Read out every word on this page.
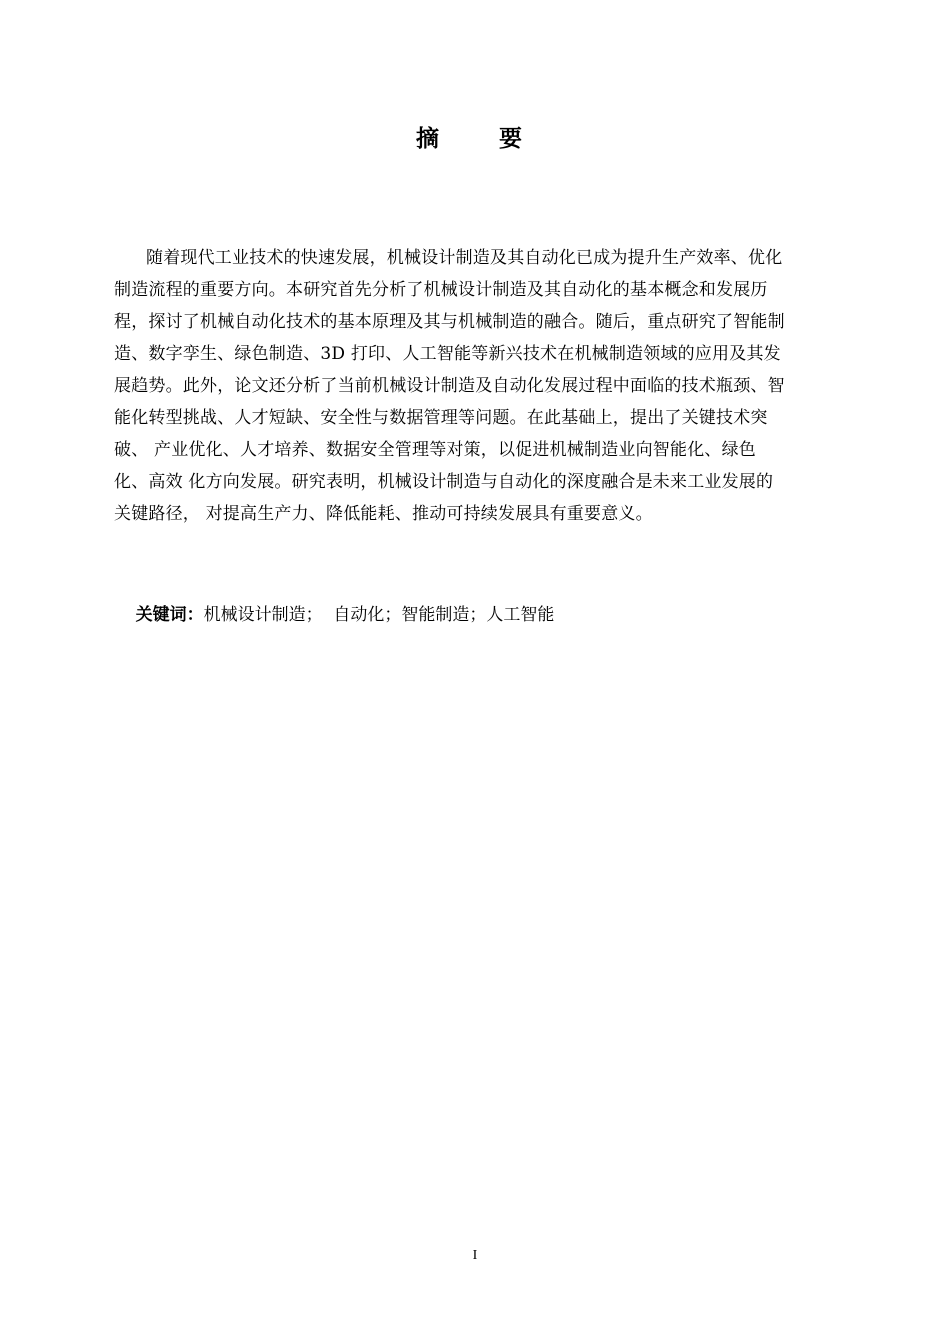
摘 要
随着现代工业技术的快速发展，机械设计制造及其自动化已成为提升生产效率、优化
制造流程的重要方向。本研究首先分析了机械设计制造及其自动化的基本概念和发展历
程，探讨了机械自动化技术的基本原理及其与机械制造的融合。随后，重点研究了智能制
造、数字孪生、绿色制造、3D 打印、人工智能等新兴技术在机械制造领域的应用及其发
展趋势。此外，论文还分析了当前机械设计制造及自动化发展过程中面临的技术瓶颈、智
能化转型挑战、人才短缺、安全性与数据管理等问题。在此基础上，提出了关键技术突
破、 产业优化、人才培养、数据安全管理等对策，以促进机械制造业向智能化、绿色
化、高效 化方向发展。研究表明，机械设计制造与自动化的深度融合是未来工业发展的
关键路径， 对提高生产力、降低能耗、推动可持续发展具有重要意义。

关键词：机械设计制造；  自动化；智能制造；人工智能

I
